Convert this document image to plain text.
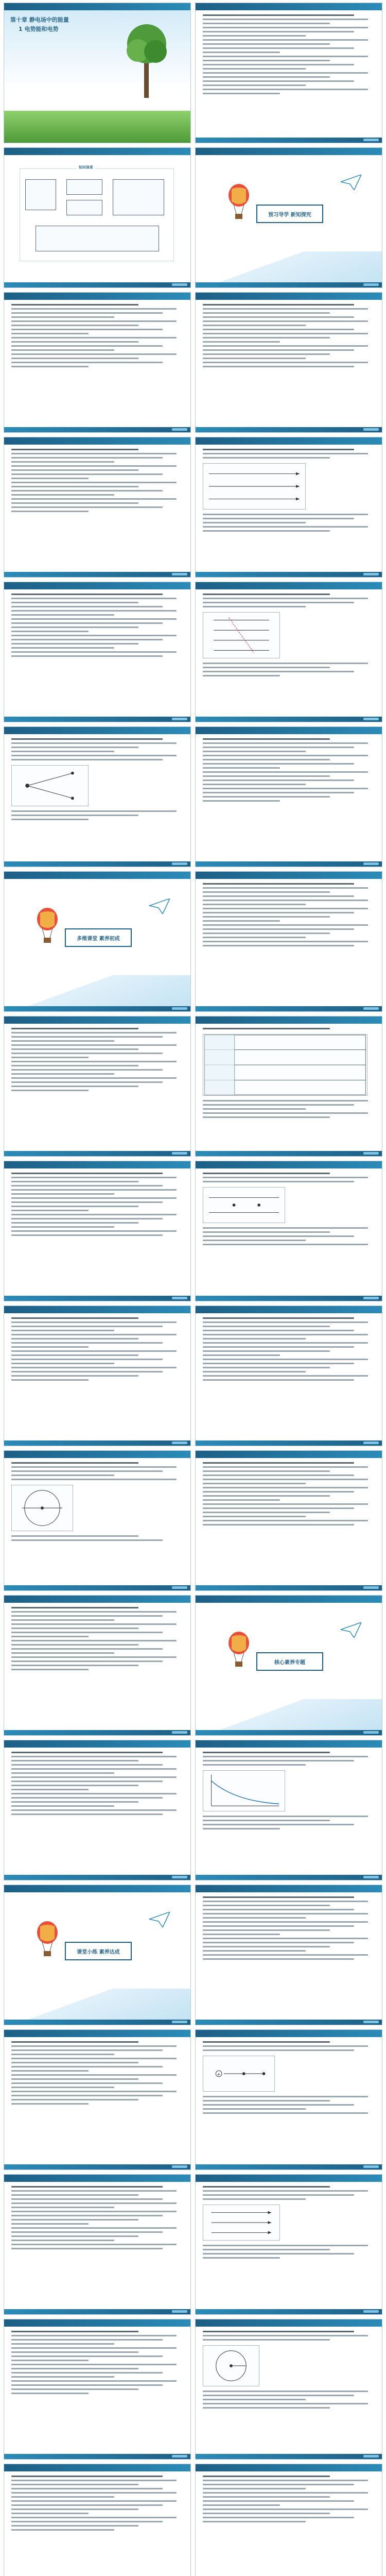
第十章 静电场中的能量
1 电势能和电势
知识体系
预习导学 新知探究
多维课堂 素养初成
核心素养专题
课堂小练 素养达成
+
